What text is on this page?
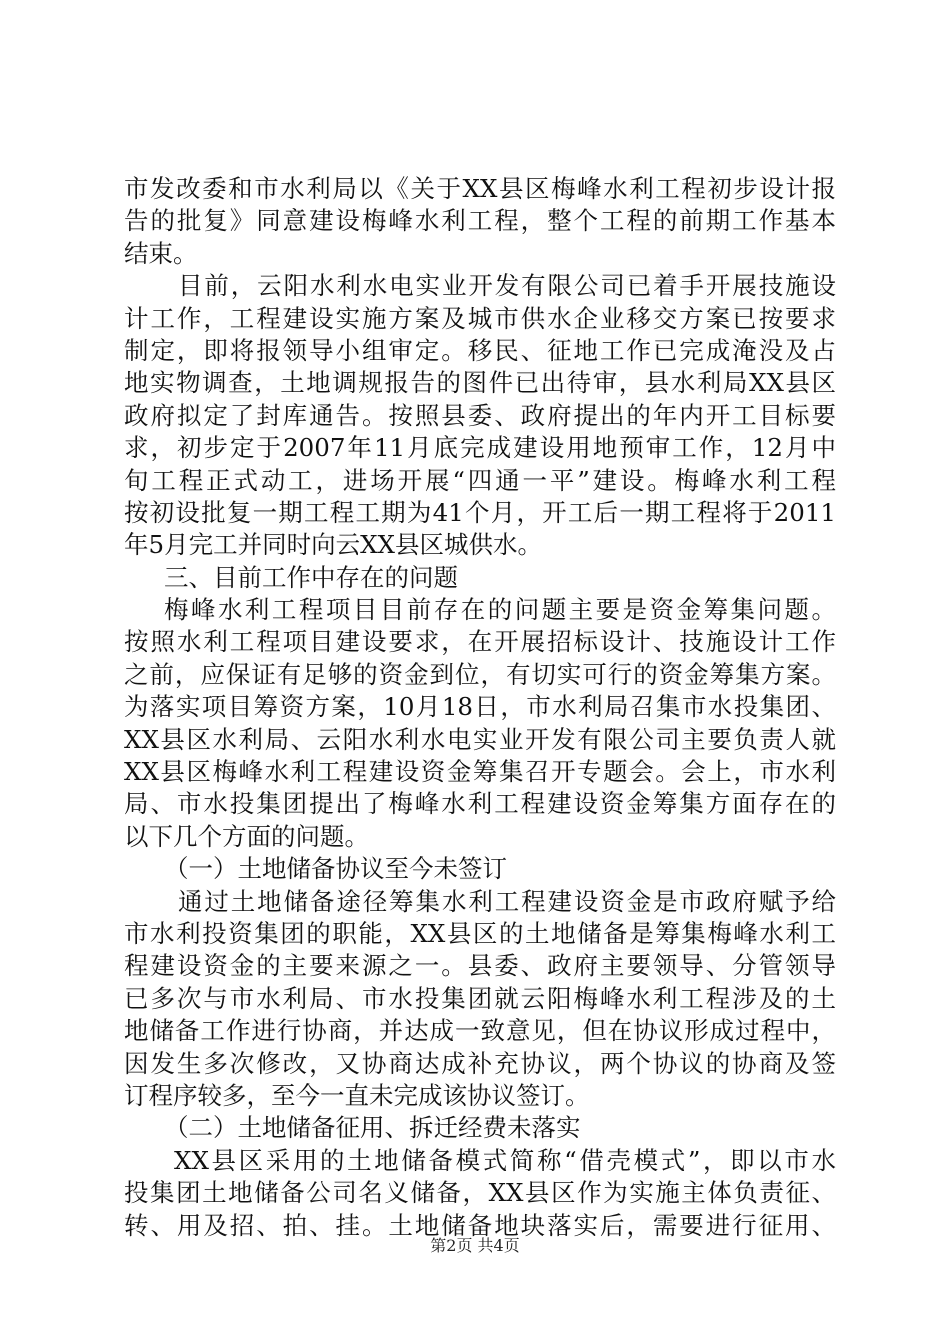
市发改委和市水利局以《关于XX县区梅峰水利工程初步设计报
告的批复》同意建设梅峰水利工程，整个工程的前期工作基本
结束。
目前，云阳水利水电实业开发有限公司已着手开展技施设
计工作，工程建设实施方案及城市供水企业移交方案已按要求
制定，即将报领导小组审定。移民、征地工作已完成淹没及占
地实物调查，土地调规报告的图件已出待审，县水利局XX县区
政府拟定了封库通告。按照县委、政府提出的年内开工目标要
求，初步定于2007年11月底完成建设用地预审工作，12月中
旬工程正式动工，进场开展“四通一平”建设。梅峰水利工程
按初设批复一期工程工期为41个月，开工后一期工程将于2011
年5月完工并同时向云XX县区城供水。
三、目前工作中存在的问题
梅峰水利工程项目目前存在的问题主要是资金筹集问题。
按照水利工程项目建设要求，在开展招标设计、技施设计工作
之前，应保证有足够的资金到位，有切实可行的资金筹集方案。
为落实项目筹资方案，10月18日，市水利局召集市水投集团、
XX县区水利局、云阳水利水电实业开发有限公司主要负责人就
XX县区梅峰水利工程建设资金筹集召开专题会。会上，市水利
局、市水投集团提出了梅峰水利工程建设资金筹集方面存在的
以下几个方面的问题。
（一）土地储备协议至今未签订
通过土地储备途径筹集水利工程建设资金是市政府赋予给
市水利投资集团的职能，XX县区的土地储备是筹集梅峰水利工
程建设资金的主要来源之一。县委、政府主要领导、分管领导
已多次与市水利局、市水投集团就云阳梅峰水利工程涉及的土
地储备工作进行协商，并达成一致意见，但在协议形成过程中，
因发生多次修改，又协商达成补充协议，两个协议的协商及签
订程序较多，至今一直未完成该协议签订。
（二）土地储备征用、拆迁经费未落实
XX县区采用的土地储备模式简称“借壳模式”，即以市水
投集团土地储备公司名义储备，XX县区作为实施主体负责征、
转、用及招、拍、挂。土地储备地块落实后，需要进行征用、
第2页 共4页
